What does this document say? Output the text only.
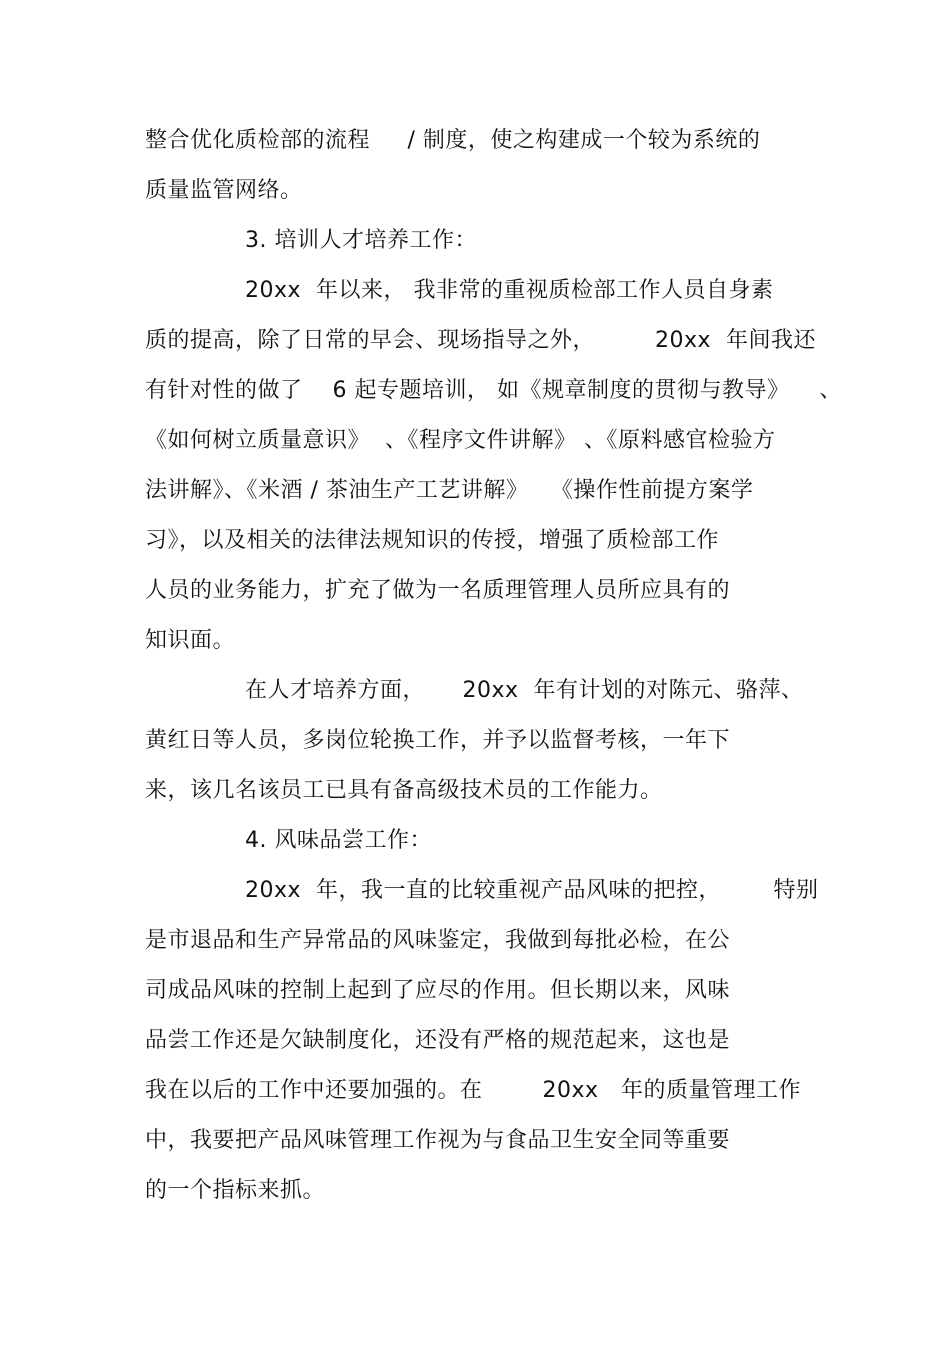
整合优化质检部的流程     / 制度，使之构建成一个较为系统的
质量监管网络。
3. 培训人才培养工作：
20xx  年以来， 我非常的重视质检部工作人员自身素
质的提高，除了日常的早会、现场指导之外，        20xx  年间我还
有针对性的做了    6 起专题培训， 如《规章制度的贯彻与教导》    、
《如何树立质量意识》  、《程序文件讲解》 、《原料感官检验方
法讲解》、《米酒 / 茶油生产工艺讲解》   《操作性前提方案学
习》，以及相关的法律法规知识的传授，增强了质检部工作
人员的业务能力，扩充了做为一名质理管理人员所应具有的
知识面。
在人才培养方面，     20xx  年有计划的对陈元、骆萍、
黄红日等人员，多岗位轮换工作，并予以监督考核，一年下
来，该几名该员工已具有备高级技术员的工作能力。
4. 风味品尝工作：
20xx  年，我一直的比较重视产品风味的把控，       特别
是市退品和生产异常品的风味鉴定，我做到每批必检，在公
司成品风味的控制上起到了应尽的作用。但长期以来，风味
品尝工作还是欠缺制度化，还没有严格的规范起来，这也是
我在以后的工作中还要加强的。在        20xx   年的质量管理工作
中，我要把产品风味管理工作视为与食品卫生安全同等重要
的一个指标来抓。
